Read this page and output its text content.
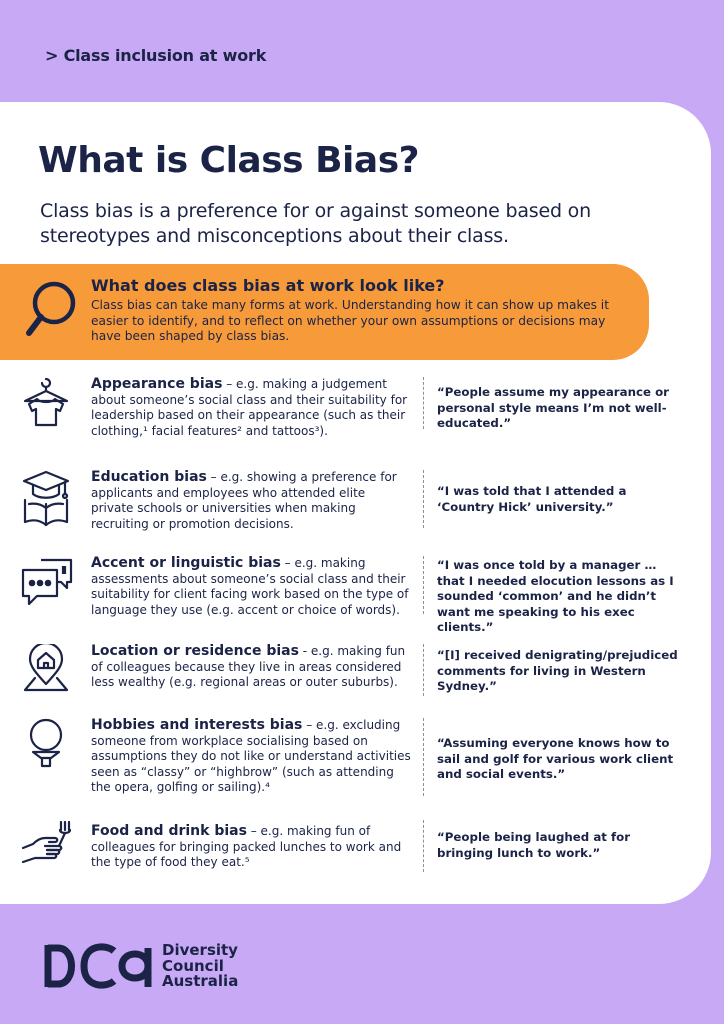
> Class inclusion at work
What is Class Bias?

Class bias is a preference for or against someone based on stereotypes and misconceptions about their class.

What does class bias at work look like?

Class bias can take many forms at work. Understanding how it can show up makes it easier to identify, and to reflect on whether your own assumptions or decisions may have been shaped by class bias.

Appearance bias – e.g. making a judgement about someone’s social class and their suitability for leadership based on their appearance (such as their clothing,¹ facial features² and tattoos³).

“People assume my appearance or personal style means I’m not well-educated.”

Education bias – e.g. showing a preference for applicants and employees who attended elite private schools or universities when making recruiting or promotion decisions.

“I was told that I attended a ‘Country Hick’ university.”

Accent or linguistic bias – e.g. making assessments about someone’s social class and their suitability for client facing work based on the type of language they use (e.g. accent or choice of words).

“I was once told by a manager … that I needed elocution lessons as I sounded ‘common’ and he didn’t want me speaking to his exec clients.”

Location or residence bias - e.g. making fun of colleagues because they live in areas considered less wealthy (e.g. regional areas or outer suburbs).

“[I] received denigrating/prejudiced comments for living in Western Sydney.”

Hobbies and interests bias – e.g. excluding someone from workplace socialising based on assumptions they do not like or understand activities seen as “classy” or “highbrow” (such as attending the opera, golfing or sailing).⁴

“Assuming everyone knows how to sail and golf for various work client and social events.”

Food and drink bias – e.g. making fun of colleagues for bringing packed lunches to work and the type of food they eat.⁵

“People being laughed at for bringing lunch to work.”

Diversity
Council
Australia
